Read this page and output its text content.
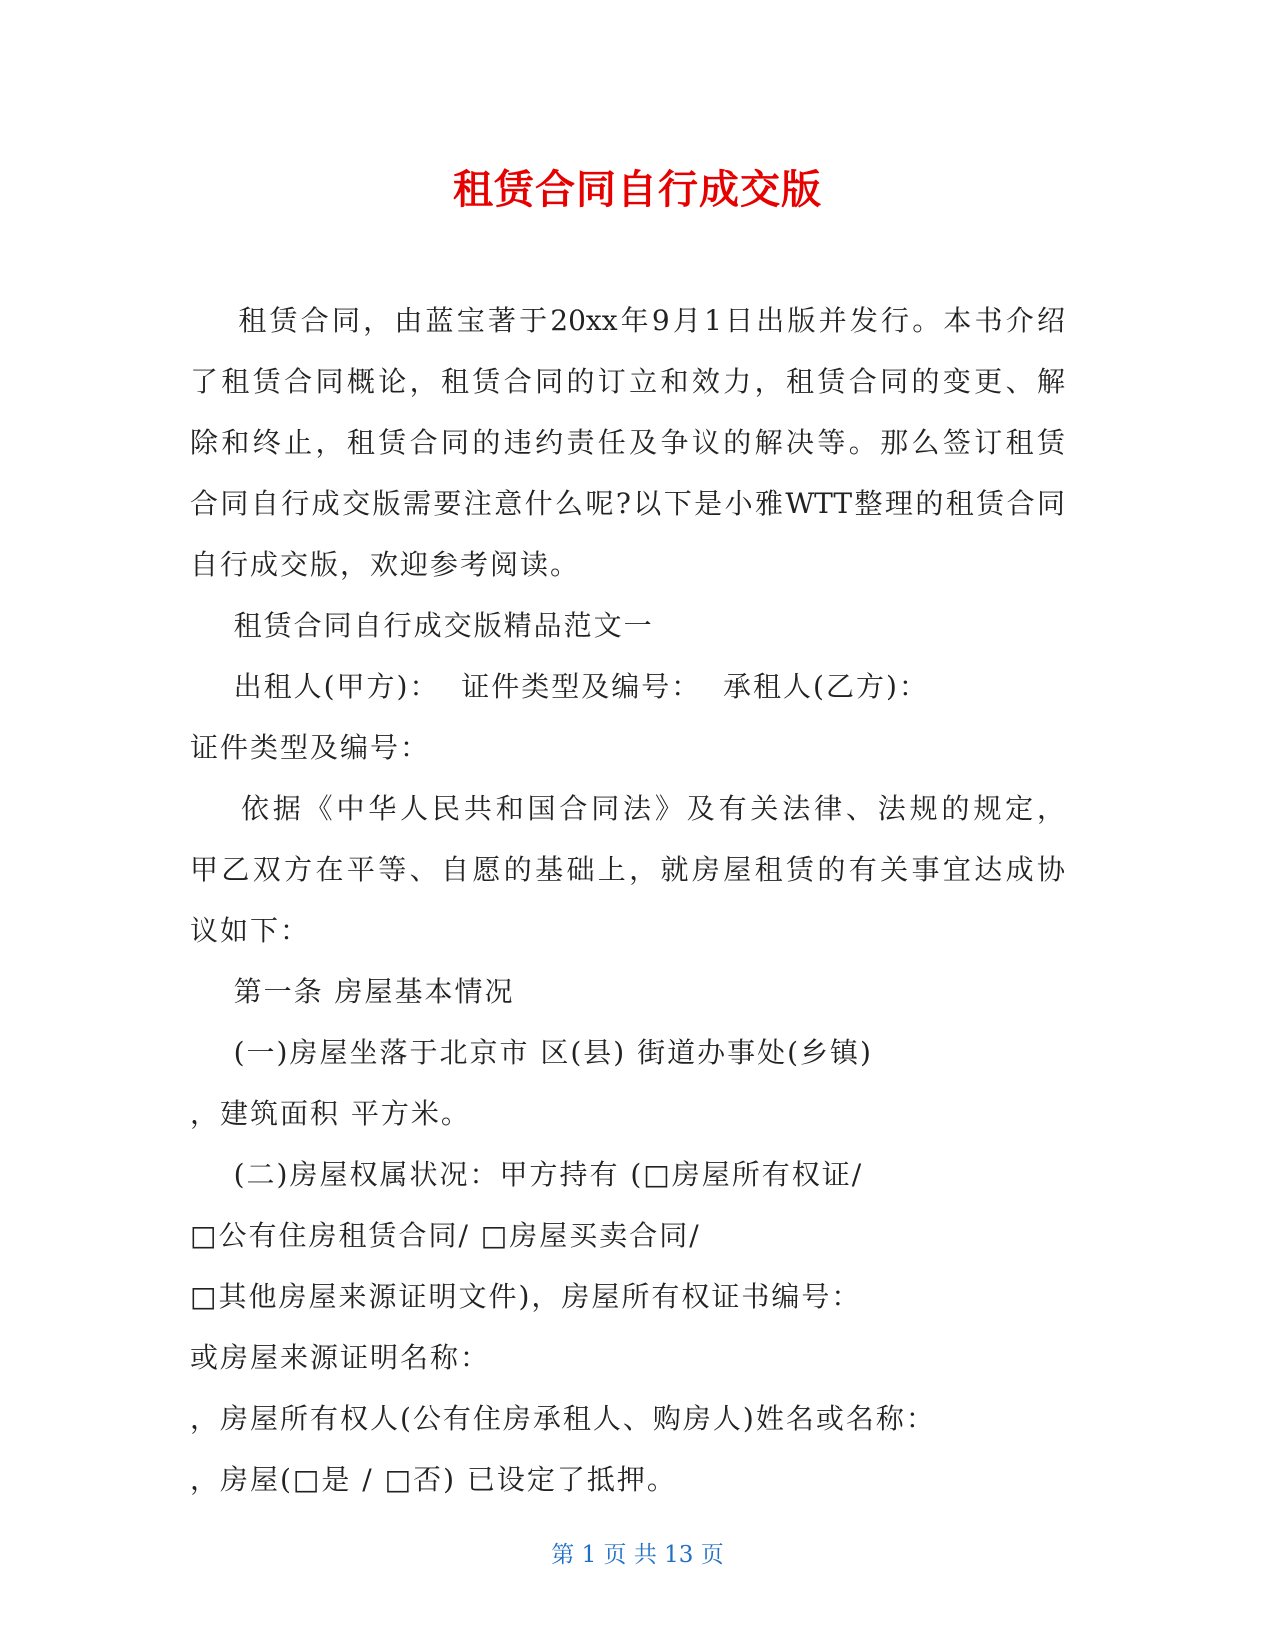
租赁合同自行成交版
租赁合同，由蓝宝著于20xx年9月1日出版并发行。本书介绍
了租赁合同概论，租赁合同的订立和效力，租赁合同的变更、解
除和终止，租赁合同的违约责任及争议的解决等。那么签订租赁
合同自行成交版需要注意什么呢?以下是小雅WTT整理的租赁合同
自行成交版，欢迎参考阅读。
租赁合同自行成交版精品范文一
出租人(甲方)：  证件类型及编号：  承租人(乙方)：
证件类型及编号：
依据《中华人民共和国合同法》及有关法律、法规的规定，
甲乙双方在平等、自愿的基础上，就房屋租赁的有关事宜达成协
议如下：
第一条 房屋基本情况
(一)房屋坐落于北京市 区(县) 街道办事处(乡镇)
，建筑面积 平方米。
(二)房屋权属状况：甲方持有 (□房屋所有权证/
□公有住房租赁合同/ □房屋买卖合同/
□其他房屋来源证明文件)，房屋所有权证书编号：
或房屋来源证明名称：
，房屋所有权人(公有住房承租人、购房人)姓名或名称：
，房屋(□是 / □否) 已设定了抵押。
第 1 页 共 13 页
